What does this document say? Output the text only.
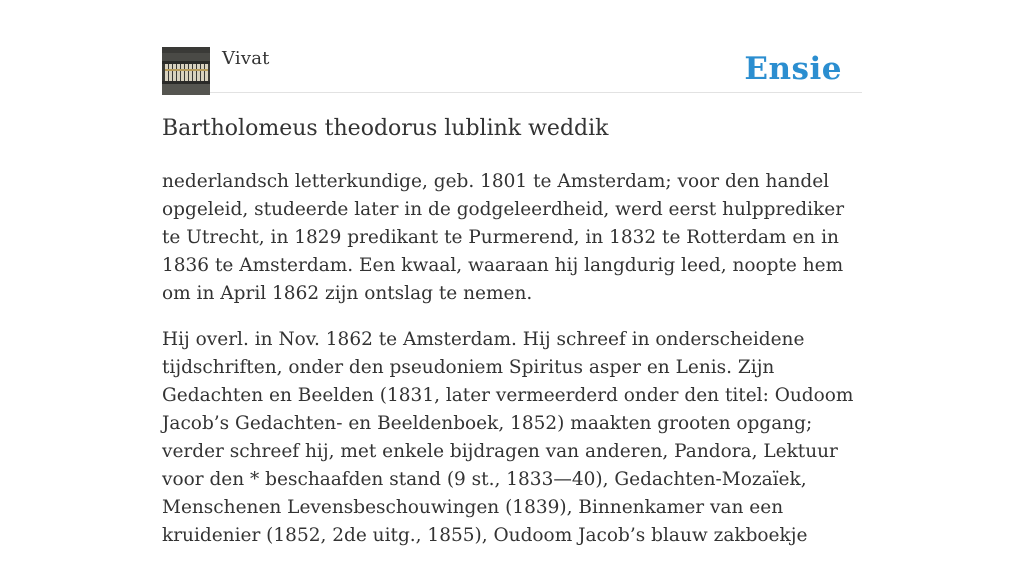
Vivat	Ensie
Bartholomeus theodorus lublink weddik

nederlandsch letterkundige, geb. 1801 te Amsterdam; voor den handel opgeleid, studeerde later in de godgeleerdheid, werd eerst hulpprediker te Utrecht, in 1829 predikant te Purmerend, in 1832 te Rotterdam en in 1836 te Amsterdam. Een kwaal, waaraan hij langdurig leed, noopte hem om in April 1862 zijn ontslag te nemen.

Hij overl. in Nov. 1862 te Amsterdam. Hij schreef in onderscheidene tijdschriften, onder den pseudoniem Spiritus asper en Lenis. Zijn Gedachten en Beelden (1831, later vermeerderd onder den titel: Oudoom Jacob’s Gedachten- en Beeldenboek, 1852) maakten grooten opgang; verder schreef hij, met enkele bijdragen van anderen, Pandora, Lektuur voor den * beschaafden stand (9 st., 1833—40), Gedachten-Mozaïek, Menschenen Levensbeschouwingen (1839), Binnenkamer van een kruidenier (1852, 2de uitg., 1855), Oudoom Jacob’s blauw zakboekje
